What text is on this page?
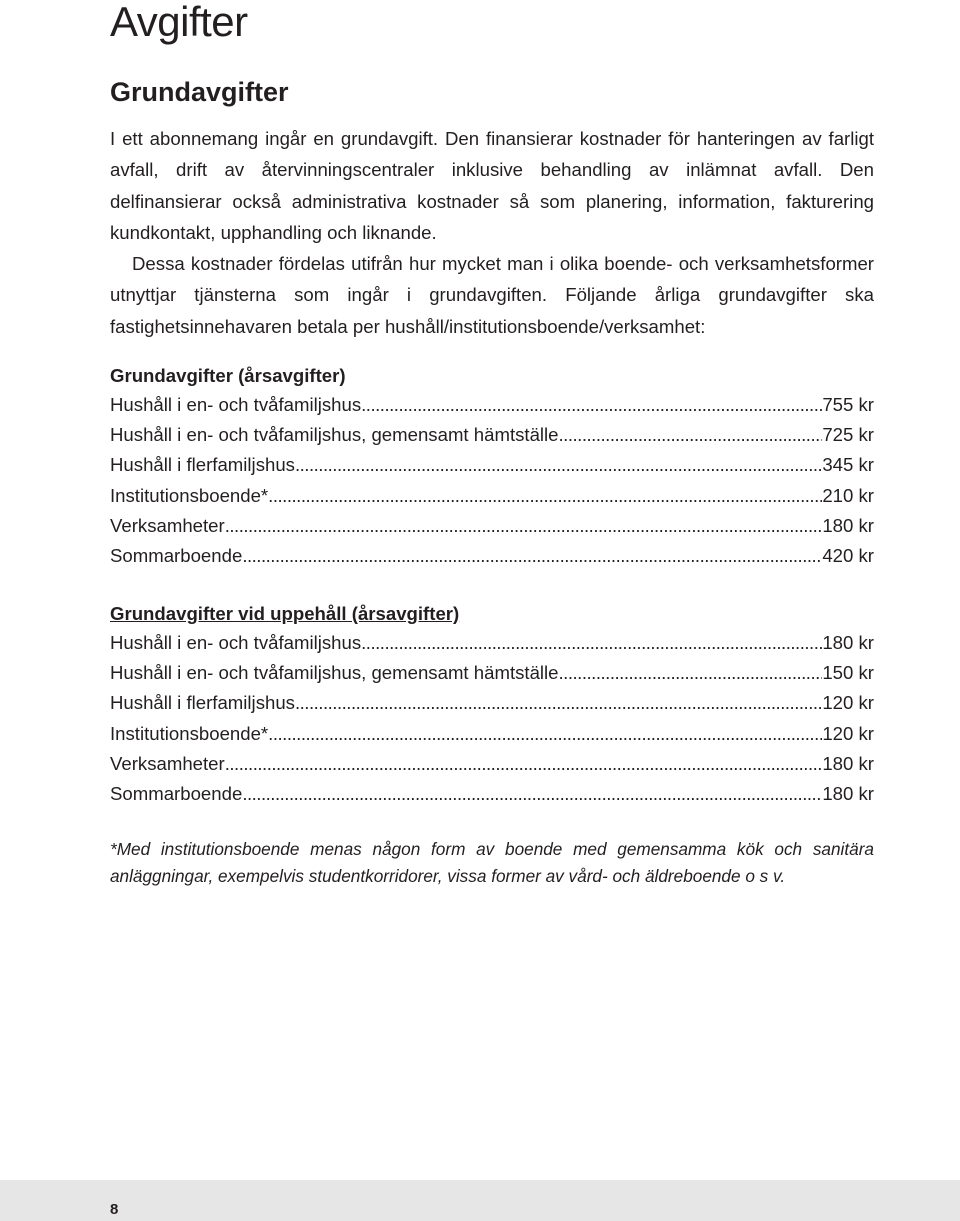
Avgifter
Grundavgifter

I ett abonnemang ingår en grundavgift. Den finansierar kostnader för hanteringen av farligt avfall, drift av återvinningscentraler inklusive behandling av inlämnat avfall. Den delfinansierar också administrativa kostnader så som planering, information, fakturering kundkontakt, upphandling och liknande.

Dessa kostnader fördelas utifrån hur mycket man i olika boende- och verksamhetsformer utnyttjar tjänsterna som ingår i grundavgiften. Följande årliga grundavgifter ska fastighetsinnehavaren betala per hushåll/institutionsboende/verksamhet:

Grundavgifter (årsavgifter)
Hushåll i en- och tvåfamiljshus .....	755 kr
Hushåll i en- och tvåfamiljshus, gemensamt hämtställe .....	725 kr
Hushåll i flerfamiljshus .....	345 kr
Institutionsboende* .....	210 kr
Verksamheter .....	180 kr
Sommarboende .....	420 kr
Grundavgifter vid uppehåll (årsavgifter)
Hushåll i en- och tvåfamiljshus .....	180 kr
Hushåll i en- och tvåfamiljshus, gemensamt hämtställe .....	150 kr
Hushåll i flerfamiljshus .....	120 kr
Institutionsboende* .....	120 kr
Verksamheter .....	180 kr
Sommarboende .....	180 kr

*Med institutionsboende menas någon form av boende med gemensamma kök och sanitära anläggningar, exempelvis studentkorridorer, vissa former av vård- och äldreboende o s v.

8
